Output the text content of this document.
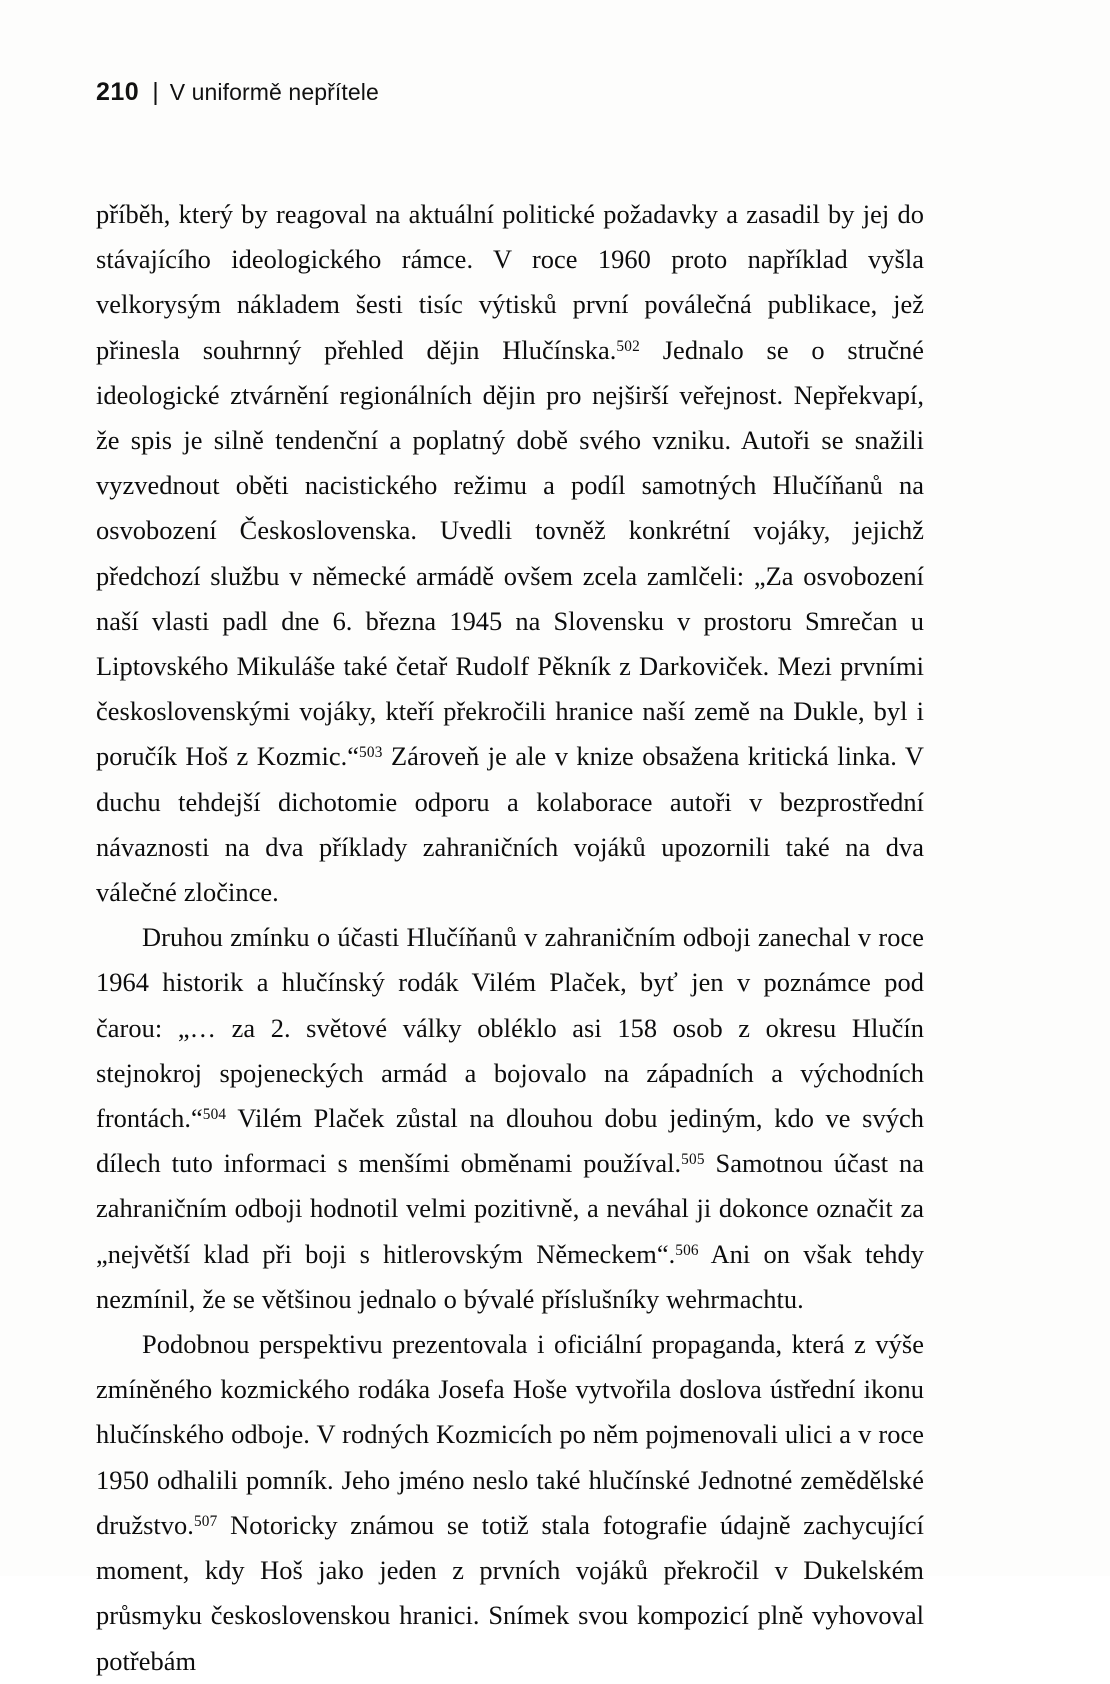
210 | V uniformě nepřítele

příběh, který by reagoval na aktuální politické požadavky a zasadil by jej do stávajícího ideologického rámce. V roce 1960 proto například vyšla velkorysým nákladem šesti tisíc výtisků první poválečná publikace, jež přinesla souhrnný přehled dějin Hlučínska.$^{502}$ Jednalo se o stručné ideologické ztvárnění regionálních dějin pro nejširší veřejnost. Nepřekvapí, že spis je silně tendenční a poplatný době svého vzniku. Autoři se snažili vyzvednout oběti nacistického režimu a podíl samotných Hlučíňanů na osvobození Československa. Uvedli tovněž konkrétní vojáky, jejichž předchozí službu v německé armádě ovšem zcela zamlčeli: „Za osvobození naší vlasti padl dne 6. března 1945 na Slovensku v prostoru Smrečan u Liptovského Mikuláše také četař Rudolf Pěkník z Darkoviček. Mezi prvními československými vojáky, kteří překročili hranice naší země na Dukle, byl i poručík Hoš z Kozmic.“$^{503}$ Zároveň je ale v knize obsažena kritická linka. V duchu tehdejší dichotomie odporu a kolaborace autoři v bezprostřední návaznosti na dva příklady zahraničních vojáků upozornili také na dva válečné zločince.

Druhou zmínku o účasti Hlučíňanů v zahraničním odboji zanechal v roce 1964 historik a hlučínský rodák Vilém Plaček, byť jen v poznámce pod čarou: „… za 2. světové války obléklo asi 158 osob z okresu Hlučín stejnokroj spojeneckých armád a bojovalo na západních a východních frontách.“$^{504}$ Vilém Plaček zůstal na dlouhou dobu jediným, kdo ve svých dílech tuto informaci s menšími obměnami používal.$^{505}$ Samotnou účast na zahraničním odboji hodnotil velmi pozitivně, a neváhal ji dokonce označit za „největší klad při boji s hitlerovským Německem“.$^{506}$ Ani on však tehdy nezmínil, že se většinou jednalo o bývalé příslušníky wehrmachtu.

Podobnou perspektivu prezentovala i oficiální propaganda, která z výše zmíněného kozmického rodáka Josefa Hoše vytvořila doslova ústřední ikonu hlučínského odboje. V rodných Kozmicích po něm pojmenovali ulici a v roce 1950 odhalili pomník. Jeho jméno neslo také hlučínské Jednotné zemědělské družstvo.$^{507}$ Notoricky známou se totiž stala fotografie údajně zachycující moment, kdy Hoš jako jeden z prvních vojáků překročil v Dukelském průsmyku československou hranici. Snímek svou kompozicí plně vyhovoval potřebám
